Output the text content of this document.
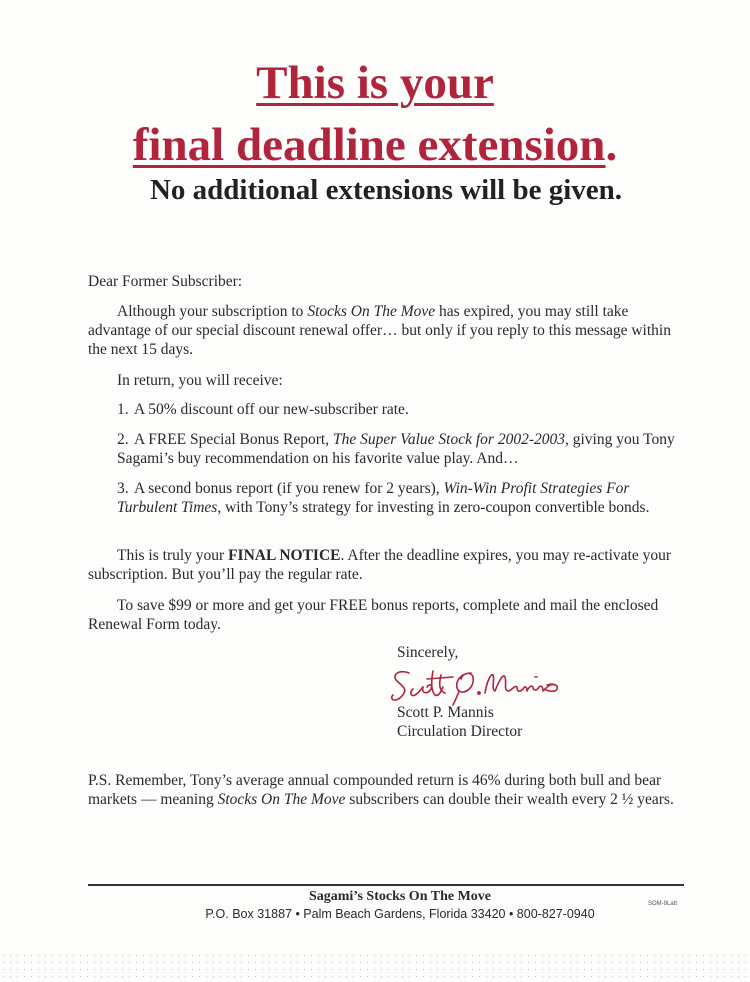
This is your
final deadline extension.
No additional extensions will be given.
Dear Former Subscriber:
Although your subscription to Stocks On The Move has expired, you may still take advantage of our special discount renewal offer… but only if you reply to this message within the next 15 days.
In return, you will receive:
1. A 50% discount off our new-subscriber rate.
2. A FREE Special Bonus Report, The Super Value Stock for 2002-2003, giving you Tony Sagami’s buy recommendation on his favorite value play. And…
3. A second bonus report (if you renew for 2 years), Win-Win Profit Strategies For Turbulent Times, with Tony’s strategy for investing in zero-coupon convertible bonds.
This is truly your FINAL NOTICE. After the deadline expires, you may re-activate your subscription. But you’ll pay the regular rate.
To save $99 or more and get your FREE bonus reports, complete and mail the enclosed Renewal Form today.
Sincerely,
Scott P. Mannis
Circulation Director
P.S. Remember, Tony’s average annual compounded return is 46% during both bull and bear markets — meaning Stocks On The Move subscribers can double their wealth every 2 ½ years.
Sagami’s Stocks On The Move
P.O. Box 31887 • Palm Beach Gardens, Florida 33420 • 800-827-0940
SOM-9Latt
